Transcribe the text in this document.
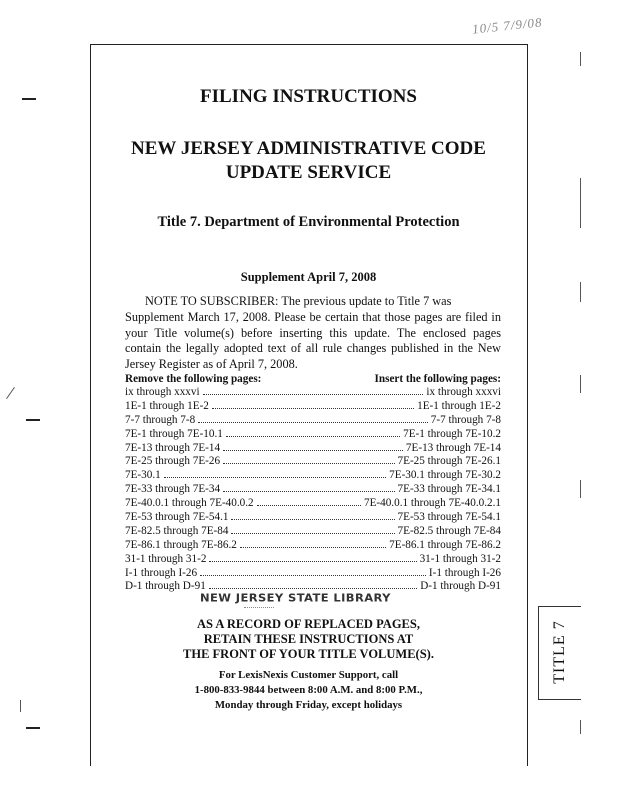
10/5 7/9/08
FILING INSTRUCTIONS
NEW JERSEY ADMINISTRATIVE CODE
UPDATE SERVICE
Title 7. Department of Environmental Protection
Supplement April 7, 2008
NOTE TO SUBSCRIBER: The previous update to Title 7 was
Supplement March 17, 2008. Please be certain that those pages are filed in your Title volume(s) before inserting this update. The enclosed pages contain the legally adopted text of all rule changes published in the New Jersey Register as of April 7, 2008.
Remove the following pages:	Insert the following pages:
ix through xxxvi	ix through xxxvi
1E-1 through 1E-2	1E-1 through 1E-2
7-7 through 7-8	7-7 through 7-8
7E-1 through 7E-10.1	7E-1 through 7E-10.2
7E-13 through 7E-14	7E-13 through 7E-14
7E-25 through 7E-26	7E-25 through 7E-26.1
7E-30.1	7E-30.1 through 7E-30.2
7E-33 through 7E-34	7E-33 through 7E-34.1
7E-40.0.1 through 7E-40.0.2	7E-40.0.1 through 7E-40.0.2.1
7E-53 through 7E-54.1	7E-53 through 7E-54.1
7E-82.5 through 7E-84	7E-82.5 through 7E-84
7E-86.1 through 7E-86.2	7E-86.1 through 7E-86.2
31-1 through 31-2	31-1 through 31-2
I-1 through I-26	I-1 through I-26
D-1 through D-91	D-1 through D-91
NEW JERSEY STATE LIBRARY
AS A RECORD OF REPLACED PAGES,
RETAIN THESE INSTRUCTIONS AT
THE FRONT OF YOUR TITLE VOLUME(S).
For LexisNexis Customer Support, call
1-800-833-9844 between 8:00 A.M. and 8:00 P.M.,
Monday through Friday, except holidays
TITLE 7
